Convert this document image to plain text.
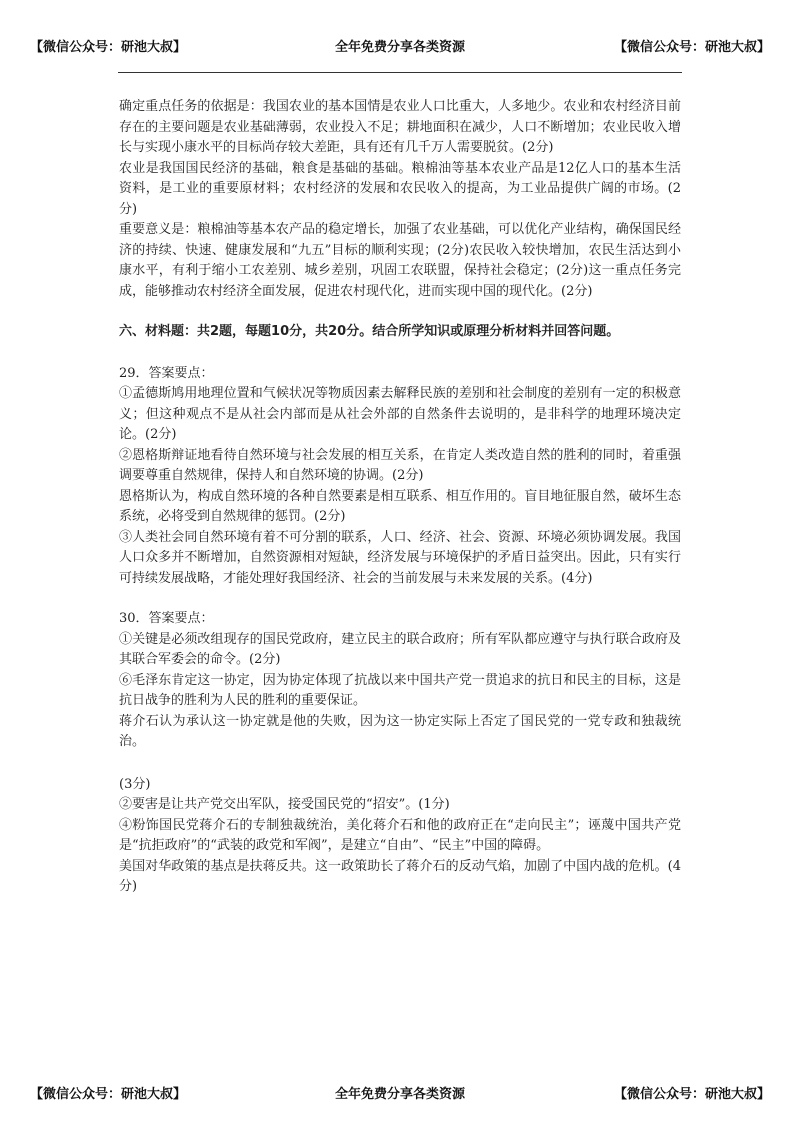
【微信公众号：研池大叔】	全年免费分享各类资源	【微信公众号：研池大叔】

确定重点任务的依据是：我国农业的基本国情是农业人口比重大，人多地少。农业和农村经济目前存在的主要问题是农业基础薄弱，农业投入不足；耕地面积在减少，人口不断增加；农业民收入增长与实现小康水平的目标尚存较大差距，具有还有几千万人需要脱贫。(2分)

农业是我国国民经济的基础，粮食是基础的基础。粮棉油等基本农业产品是12亿人口的基本生活资料，是工业的重要原材料；农村经济的发展和农民收入的提高，为工业品提供广阔的市场。(2分)

重要意义是：粮棉油等基本农产品的稳定增长，加强了农业基础，可以优化产业结构，确保国民经济的持续、快速、健康发展和“九五”目标的顺利实现；(2分)农民收入较快增加，农民生活达到小康水平，有利于缩小工农差别、城乡差别，巩固工农联盟，保持社会稳定；(2分)这一重点任务完成，能够推动农村经济全面发展，促进农村现代化，进而实现中国的现代化。(2分)

六、材料题：共2题，每题10分，共20分。结合所学知识或原理分析材料并回答问题。

29．答案要点：

①孟德斯鸠用地理位置和气候状况等物质因素去解释民族的差别和社会制度的差别有一定的积极意义；但这种观点不是从社会内部而是从社会外部的自然条件去说明的，是非科学的地理环境决定论。(2分)

②恩格斯辩证地看待自然环境与社会发展的相互关系，在肯定人类改造自然的胜利的同时，着重强调要尊重自然规律，保持人和自然环境的协调。(2分)

恩格斯认为，构成自然环境的各种自然要素是相互联系、相互作用的。盲目地征服自然，破坏生态系统，必将受到自然规律的惩罚。(2分)

③人类社会同自然环境有着不可分割的联系，人口、经济、社会、资源、环境必须协调发展。我国人口众多并不断增加，自然资源相对短缺，经济发展与环境保护的矛盾日益突出。因此，只有实行可持续发展战略，才能处理好我国经济、社会的当前发展与未来发展的关系。(4分)

30．答案要点：

①关键是必须改组现存的国民党政府，建立民主的联合政府；所有军队都应遵守与执行联合政府及其联合军委会的命令。(2分)

⑥毛泽东肯定这一协定，因为协定体现了抗战以来中国共产党一贯追求的抗日和民主的目标，这是抗日战争的胜利为人民的胜利的重要保证。

蒋介石认为承认这一协定就是他的失败，因为这一协定实际上否定了国民党的一党专政和独裁统治。

(3分)

②要害是让共产党交出军队，接受国民党的“招安”。(1分)

④粉饰国民党蒋介石的专制独裁统治，美化蒋介石和他的政府正在“走向民主”；诬蔑中国共产党是“抗拒政府”的“武装的政党和军阀”，是建立“自由”、“民主”中国的障碍。

美国对华政策的基点是扶蒋反共。这一政策助长了蒋介石的反动气焰，加剧了中国内战的危机。(4分)

【微信公众号：研池大叔】	全年免费分享各类资源	【微信公众号：研池大叔】
